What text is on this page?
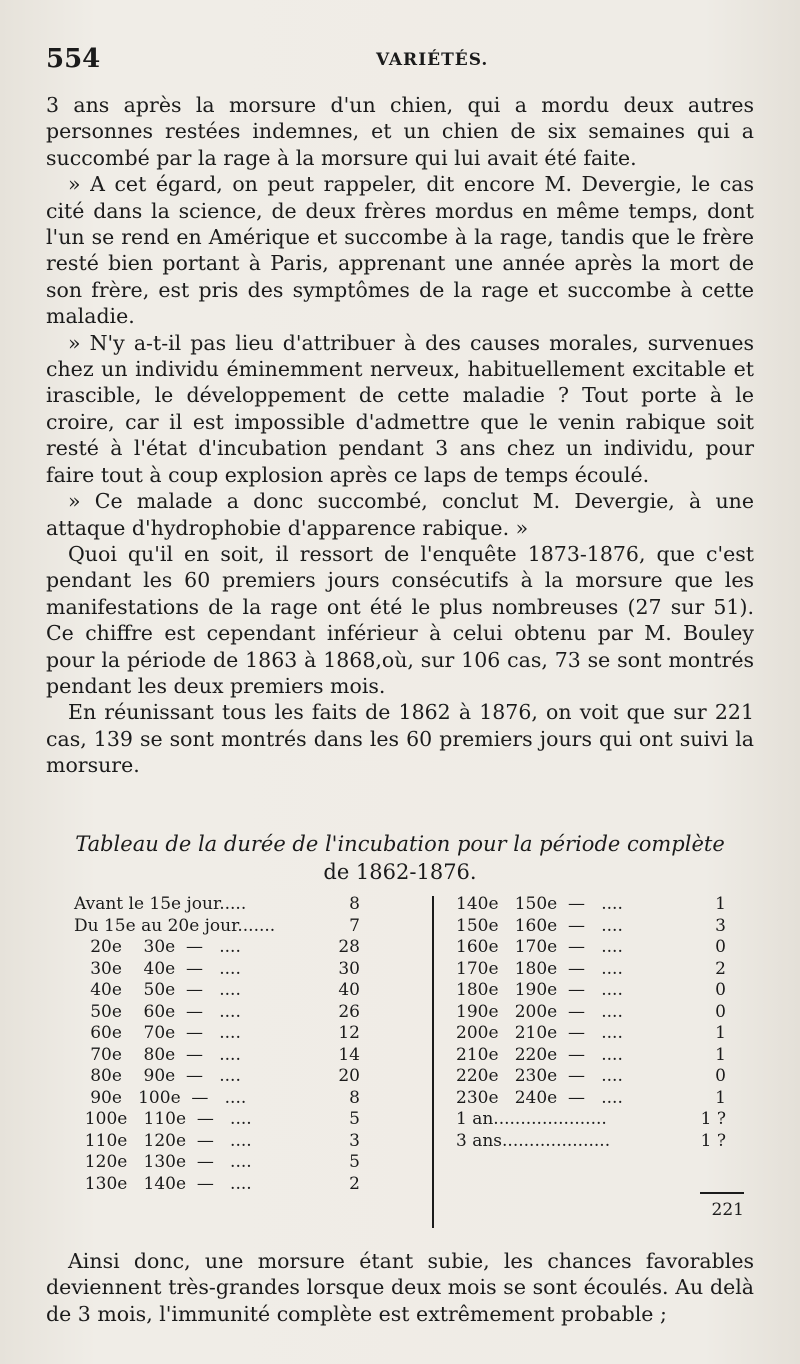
554	VARIÉTÉS.

3 ans après la morsure d'un chien, qui a mordu deux autres personnes restées indemnes, et un chien de six semaines qui a succombé par la rage à la morsure qui lui avait été faite.

» A cet égard, on peut rappeler, dit encore M. Devergie, le cas cité dans la science, de deux frères mordus en même temps, dont l'un se rend en Amérique et succombe à la rage, tandis que le frère resté bien portant à Paris, apprenant une année après la mort de son frère, est pris des symptômes de la rage et succombe à cette maladie.

» N'y a-t-il pas lieu d'attribuer à des causes morales, survenues chez un individu éminemment nerveux, habituellement excitable et irascible, le développement de cette maladie ? Tout porte à le croire, car il est impossible d'admettre que le venin rabique soit resté à l'état d'incubation pendant 3 ans chez un individu, pour faire tout à coup explosion après ce laps de temps écoulé.

» Ce malade a donc succombé, conclut M. Devergie, à une attaque d'hydrophobie d'apparence rabique. »

Quoi qu'il en soit, il ressort de l'enquête 1873-1876, que c'est pendant les 60 premiers jours consécutifs à la morsure que les manifestations de la rage ont été le plus nombreuses (27 sur 51). Ce chiffre est cependant inférieur à celui obtenu par M. Bouley pour la période de 1863 à 1868,où, sur 106 cas, 73 se sont montrés pendant les deux premiers mois.

En réunissant tous les faits de 1862 à 1876, on voit que sur 221 cas, 139 se sont montrés dans les 60 premiers jours qui ont suivi la morsure.

Tableau de la durée de l'incubation pour la période complète
de 1862-1876.
Avant le 15e jour.....	8
Du 15e au 20e jour.......	7
20e    30e  —   ....	28
30e    40e  —   ....	30
40e    50e  —   ....	40
50e    60e  —   ....	26
60e    70e  —   ....	12
70e    80e  —   ....	14
80e    90e  —   ....	20
90e   100e  —   ....	8
100e   110e  —   ....	5
110e   120e  —   ....	3
120e   130e  —   ....	5
130e   140e  —   ....	2
140e   150e  —   ....	1
150e   160e  —   ....	3
160e   170e  —   ....	0
170e   180e  —   ....	2
180e   190e  —   ....	0
190e   200e  —   ....	0
200e   210e  —   ....	1
210e   220e  —   ....	1
220e   230e  —   ....	0
230e   240e  —   ....	1
1 an.....................	1 ?
3 ans....................	1 ?
221

Ainsi donc, une morsure étant subie, les chances favorables deviennent très-grandes lorsque deux mois se sont écoulés. Au delà de 3 mois, l'immunité complète est extrêmement probable ;
